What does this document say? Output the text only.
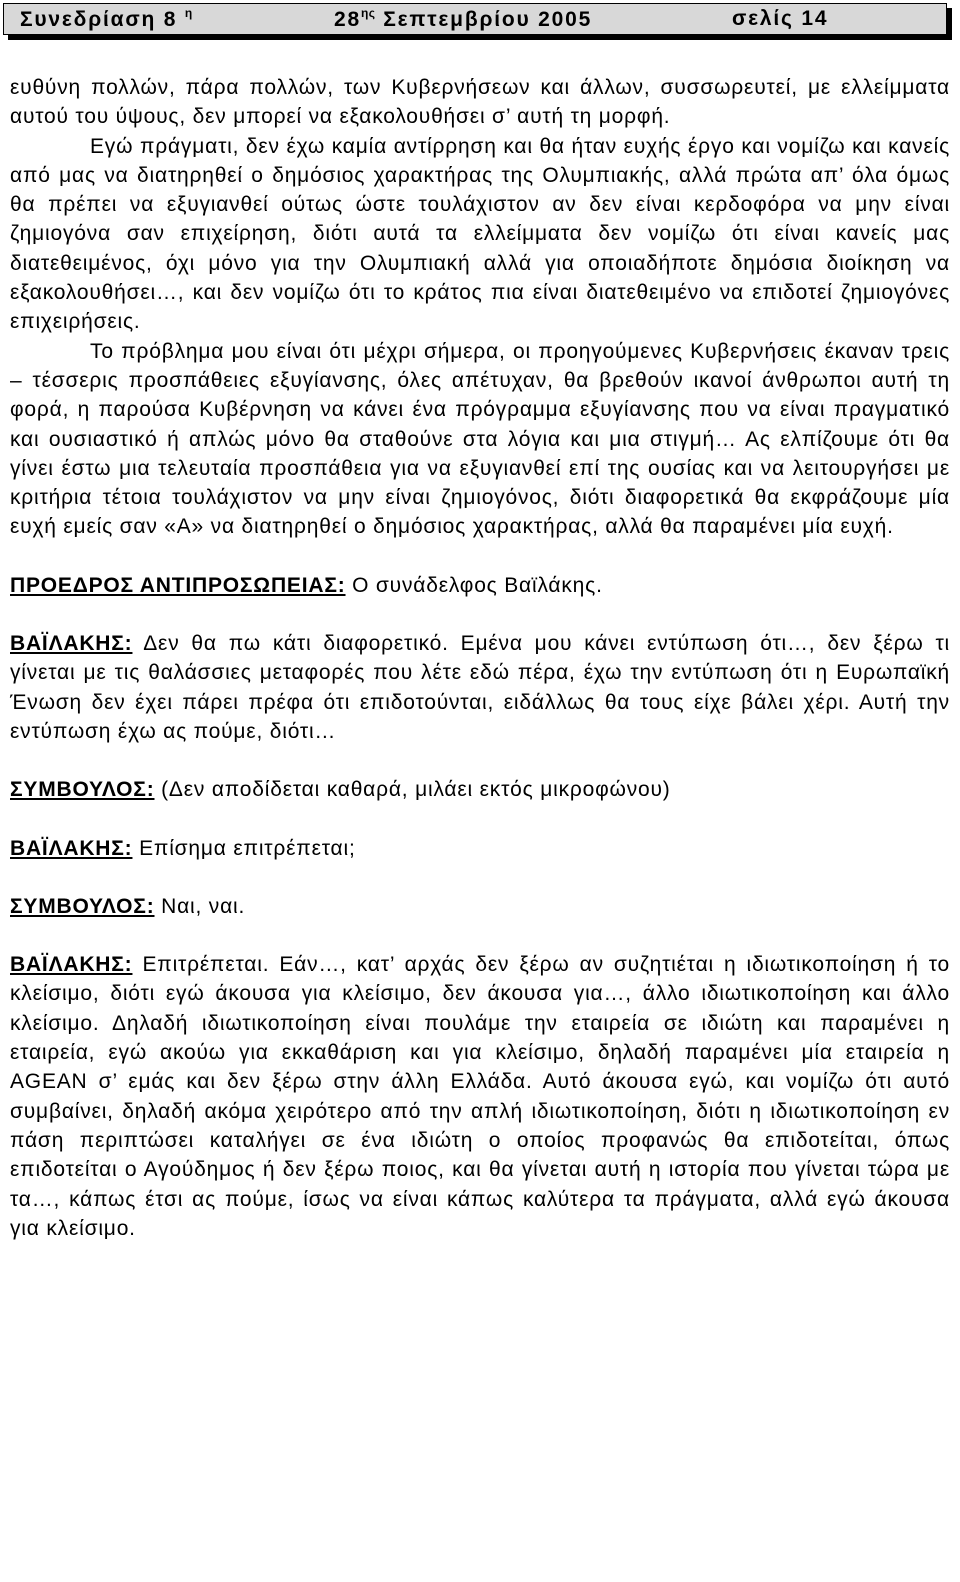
Συνεδρίαση 8 $^\eta$	$28^{\eta\varsigma}$ Σεπτεμβρίου 2005	σελίς 14

ευθύνη πολλών, πάρα πολλών, των Κυβερνήσεων και άλλων, συσσωρευτεί, με ελλείμματα αυτού του ύψους, δεν μπορεί να εξακολουθήσει σ’ αυτή τη μορφή.

Εγώ πράγματι, δεν έχω καμία αντίρρηση και θα ήταν ευχής έργο και νομίζω και κανείς από μας να διατηρηθεί ο δημόσιος χαρακτήρας της Ολυμπιακής, αλλά πρώτα απ’ όλα όμως θα πρέπει να εξυγιανθεί ούτως ώστε τουλάχιστον αν δεν είναι κερδοφόρα να μην είναι ζημιογόνα σαν επιχείρηση, διότι αυτά τα ελλείμματα δεν νομίζω ότι είναι κανείς μας διατεθειμένος, όχι μόνο για την Ολυμπιακή αλλά για οποιαδήποτε δημόσια διοίκηση να εξακολουθήσει…, και δεν νομίζω ότι το κράτος πια είναι διατεθειμένο να επιδοτεί ζημιογόνες επιχειρήσεις.

Το πρόβλημα μου είναι ότι μέχρι σήμερα, οι προηγούμενες Κυβερνήσεις έκαναν τρεις – τέσσερις προσπάθειες εξυγίανσης, όλες απέτυχαν, θα βρεθούν ικανοί άνθρωποι αυτή τη φορά, η παρούσα Κυβέρνηση να κάνει ένα πρόγραμμα εξυγίανσης που να είναι πραγματικό και ουσιαστικό ή απλώς μόνο θα σταθούνε στα λόγια και μια στιγμή… Ας ελπίζουμε ότι θα γίνει έστω μια τελευταία προσπάθεια για να εξυγιανθεί επί της ουσίας και να λειτουργήσει με κριτήρια τέτοια τουλάχιστον να μην είναι ζημιογόνος, διότι διαφορετικά θα εκφράζουμε μία ευχή εμείς σαν «Α» να διατηρηθεί ο δημόσιος χαρακτήρας, αλλά θα παραμένει μία ευχή.

ΠΡΟΕΔΡΟΣ ΑΝΤΙΠΡΟΣΩΠΕΙΑΣ: Ο συνάδελφος Βαϊλάκης.

ΒΑΪΛΑΚΗΣ: Δεν θα πω κάτι διαφορετικό. Εμένα μου κάνει εντύπωση ότι…, δεν ξέρω τι γίνεται με τις θαλάσσιες μεταφορές που λέτε εδώ πέρα, έχω την εντύπωση ότι η Ευρωπαϊκή Ένωση δεν έχει πάρει πρέφα ότι επιδοτούνται, ειδάλλως θα τους είχε βάλει χέρι. Αυτή την εντύπωση έχω ας πούμε, διότι…

ΣΥΜΒΟΥΛΟΣ: (Δεν αποδίδεται καθαρά, μιλάει εκτός μικροφώνου)

ΒΑΪΛΑΚΗΣ: Επίσημα επιτρέπεται;

ΣΥΜΒΟΥΛΟΣ: Ναι, ναι.

ΒΑΪΛΑΚΗΣ: Επιτρέπεται. Εάν…, κατ’ αρχάς δεν ξέρω αν συζητιέται η ιδιωτικοποίηση ή το κλείσιμο, διότι εγώ άκουσα για κλείσιμο, δεν άκουσα για…, άλλο ιδιωτικοποίηση και άλλο κλείσιμο. Δηλαδή ιδιωτικοποίηση είναι πουλάμε την εταιρεία σε ιδιώτη και παραμένει η εταιρεία, εγώ ακούω για εκκαθάριση και για κλείσιμο, δηλαδή παραμένει μία εταιρεία η AGEAN σ’ εμάς και δεν ξέρω στην άλλη Ελλάδα. Αυτό άκουσα εγώ, και νομίζω ότι αυτό συμβαίνει, δηλαδή ακόμα χειρότερο από την απλή ιδιωτικοποίηση, διότι η ιδιωτικοποίηση εν πάση περιπτώσει καταλήγει σε ένα ιδιώτη ο οποίος προφανώς θα επιδοτείται, όπως επιδοτείται ο Αγούδημος ή δεν ξέρω ποιος, και θα γίνεται αυτή η ιστορία που γίνεται τώρα με τα…, κάπως έτσι ας πούμε, ίσως να είναι κάπως καλύτερα τα πράγματα, αλλά εγώ άκουσα για κλείσιμο.
